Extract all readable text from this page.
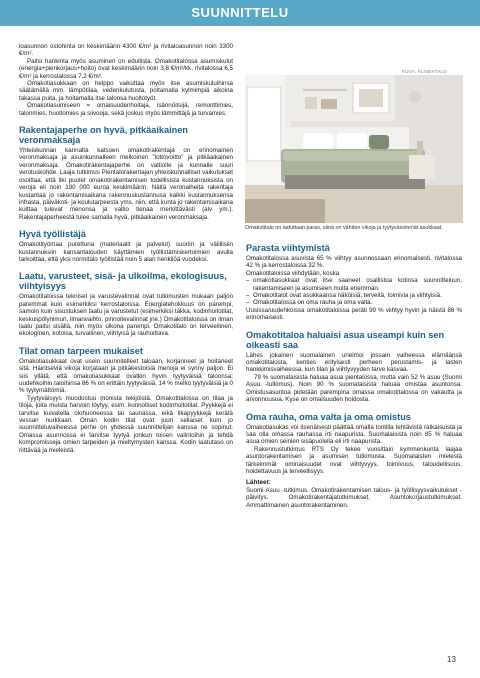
SUUNNITTELU

loasunnon ostohinta on keskimäärin 4300 €/m² ja rivitaloasunnon noin 3300 €/m².

Paitsi hankinta myös asuminen on edullista. Omakotitalossa asumiskulut (energia+pienkorjaus+hoito) ovat keskimäärin noin 3,8 €/m²/kk, rivitalossa 6,5 €/m² ja kerrostalossa 7,2 €/m².

Omakotiasukkaan on helppo vaikuttaa myös itse asumiskuluihinsa säätämällä mm. lämpötilaa, vedenkulutusta, poltamalla kylmimpiä aikoina takassa puita, ja hoitamalla itse talonsa huoltotyöt.

Omakotiasumiseen = omaisuudenhoitaja, isännöitsijä, remonttimies, talonmies, huoltomies ja siivooja, sekä joskus myös lämmittäjä ja turvamies.

Rakentajaperhe on hyvä, pitkäaikainen veronmaksaja

Yhteiskunnan kannalta katsoen omakotirakentaja on erinomainen veronmaksaja ja asuinkunnalleen melkoinen "lottovoitto" ja pitkäaikainen veronmaksaja. Omakotirakentajaperhe on valtiolle ja kunnalle suuri verotuskohde. Laaja tutkimus Pientalorakentajan yhteiskunnalliset vaikutukset osoittaa, että liki puolet omakotirakentamisen todellisista kustannuksista on veroja eli noin 190 000 euroa keskimäärin. Näitä veronaiheita rakentaja kustantaa jo rakentamisaikana rakennuskustannusa kaikki kustannuksensa infrasta, päiväkoti- ja koulutarpeesta yms. niin, että kunta jo rakentamisaikana kuittaa tulevat menonsa ja valtio tienaa merkittävästi (alv ym.). Rakentajaperheestä tulee samalla hyvä, pitkäaikainen veronmaksaja.

Hyvä työllistäjä

Omakotityömaa purettuna (materiaalit ja palvelut) suoriin ja välillisiin kustannuksiin kansantalouden käyttämien työllistämiskertoimien avulla tarkoittaa, että yksi normitalo työllistää noin 5 alan henkilöä vuodeksi.

Laatu, varusteet, sisä- ja ulkoilma, ekologisuus, viihtyisyys

Omakotitaloissa tekniset ja varustevalinnat ovat tutkimusten mukaan paljon paremmat kuin esimerkiksi kerrostaloissa. Energiatehokkuus on parempi, samoin kuin sisustuksen laatu ja varustetut (esimerkiksi takka, kodinhoitotilat, keskuspölynimuri, ilmanvaihto, pinnoitevalinnat jne.) Omakotitaloissa on ilman laatu paitsi sisällä, niin myös ulkona parempi. Omakotitalo on terveellinen, ekologinen, kotoisa, turvallinen, viihtyisä ja rauhoittava.

Tilat oman tarpeen mukaiset

Omakotiasukkaat ovat usein suunnitelleet taloaan, korjanneet ja hoitaneet sitä. Häiritseviä vikoja korjataan ja pitkäkestoisiä menoja ei synny paljon. Ei siis yllätä, että omakotiasukkaat ovatkin hyvin tyytyväisiä taloonsa: uudehkoihin taloihinsa 86 % on erittäin tyytyväisiä, 14 % melko tyytyväisiä ja 0 % tyytymättömiä.

Tyytyväisyys muodostuu monista tekijöistä. Omakotitalossa on tilaa ja tiloja, joita muista harvoin löytyy, esim. kunnolliset kodinhoitotilat. Pyykkejä ei tarvitse kuivatella olohuoneessa tai saunassa, eikä likapyykkejä kerätä vessan nurkkaan. Oman kodin tilat ovat juuri sellaiset kuin jo suunnitteluvaiheessa perhe on yhdessä suunnittelijan kanssa ne sopinut. Omassa asunnossa ei tarvitse tyytyä jonkun toisen valintoihin ja tehdä kompromisseja omien tarpeiden ja mieltymysten kanssa. Kodin laatutaso on riittävää ja mieleistä.

KUVA: ÅLISBYTALO
Omakotitalo on laduttaan paras, siinä on vähiten vikoja ja tyytyväisimmät asukkaat.
Parasta viihtymistä

Omakotitalossa asuvista 65 % viihtyy asunnossaan erinomaisesti, rivitalossa 42 % ja kerrostaloissa 32 %.

Omakotitaloissa viihdytään, koska

– omakotiasukkaat ovat itse saaneet osallistua kotinsa suunnitteluun, rakentamiseen ja asumiseen muita enemmän.
– Omakotitalot ovat asukkaansa näköisiä, terveitä, toimivia ja viihtyisiä.
– Omakotitalossa on oma rauha ja oma valta.

Uusissa/uudehkoissa omakotitaloissa peräti 99 % viihtyy hyvin ja näistä 86 % erinomaisesti.

Omakotitaloa haluaisi asua useampi kuin sen oikeasti saa

Lähes jokainen suomalainen unelmoi jossain vaiheessa elämäänsä omakotitalosta, kenties erityisesti perheen perustamis- ja lasten hankkimisvaiheessa, kun tilan ja viihtyvyyden tarve kasvaa.

79 % suomalaisista haluaa asua pientalossa, mutta vain 52 % asuu (Suomi Asuu -tutkimus). Noin 90 % suomalaisista haluaa omistaa asuntonsa. Omistusasuntoa pidetään parempina omassa omakotitalossa on vakautta ja arvonnousua. Kyse on omaisuuden hoidosta.

Oma rauha, oma valta ja oma omistus

Omakotiasukas voi itsenäisesti päättää omalla tontilla tehtävistä ratkaisuista ja saa olla omassa rauhassa irti naapurista. Suomalaisista noin 85 % haluaa asua omien seinien sisäpuolella eli irti naapurista.

Rakennustutkimus RTS Oy tekee vuosittain kymmenkunta laajaa asuntorakentamisen ja asumisen tutkimusta. Suomalaisten mielestä tärkeimmät ominaisuudet ovat viihtyvyys, toimivuus, taloudellisuus, hoidettavuus ja terveellisyys.

Lähteet:

Suomi Asuu -tutkimus. Omakotirakentamisen talous- ja työllisyysvaikutukset -päivitys. Omakotirakentajatutkimukset, Asuntokorjaustutkimukset. Ammattimainen asuntorakentaminen.

13
